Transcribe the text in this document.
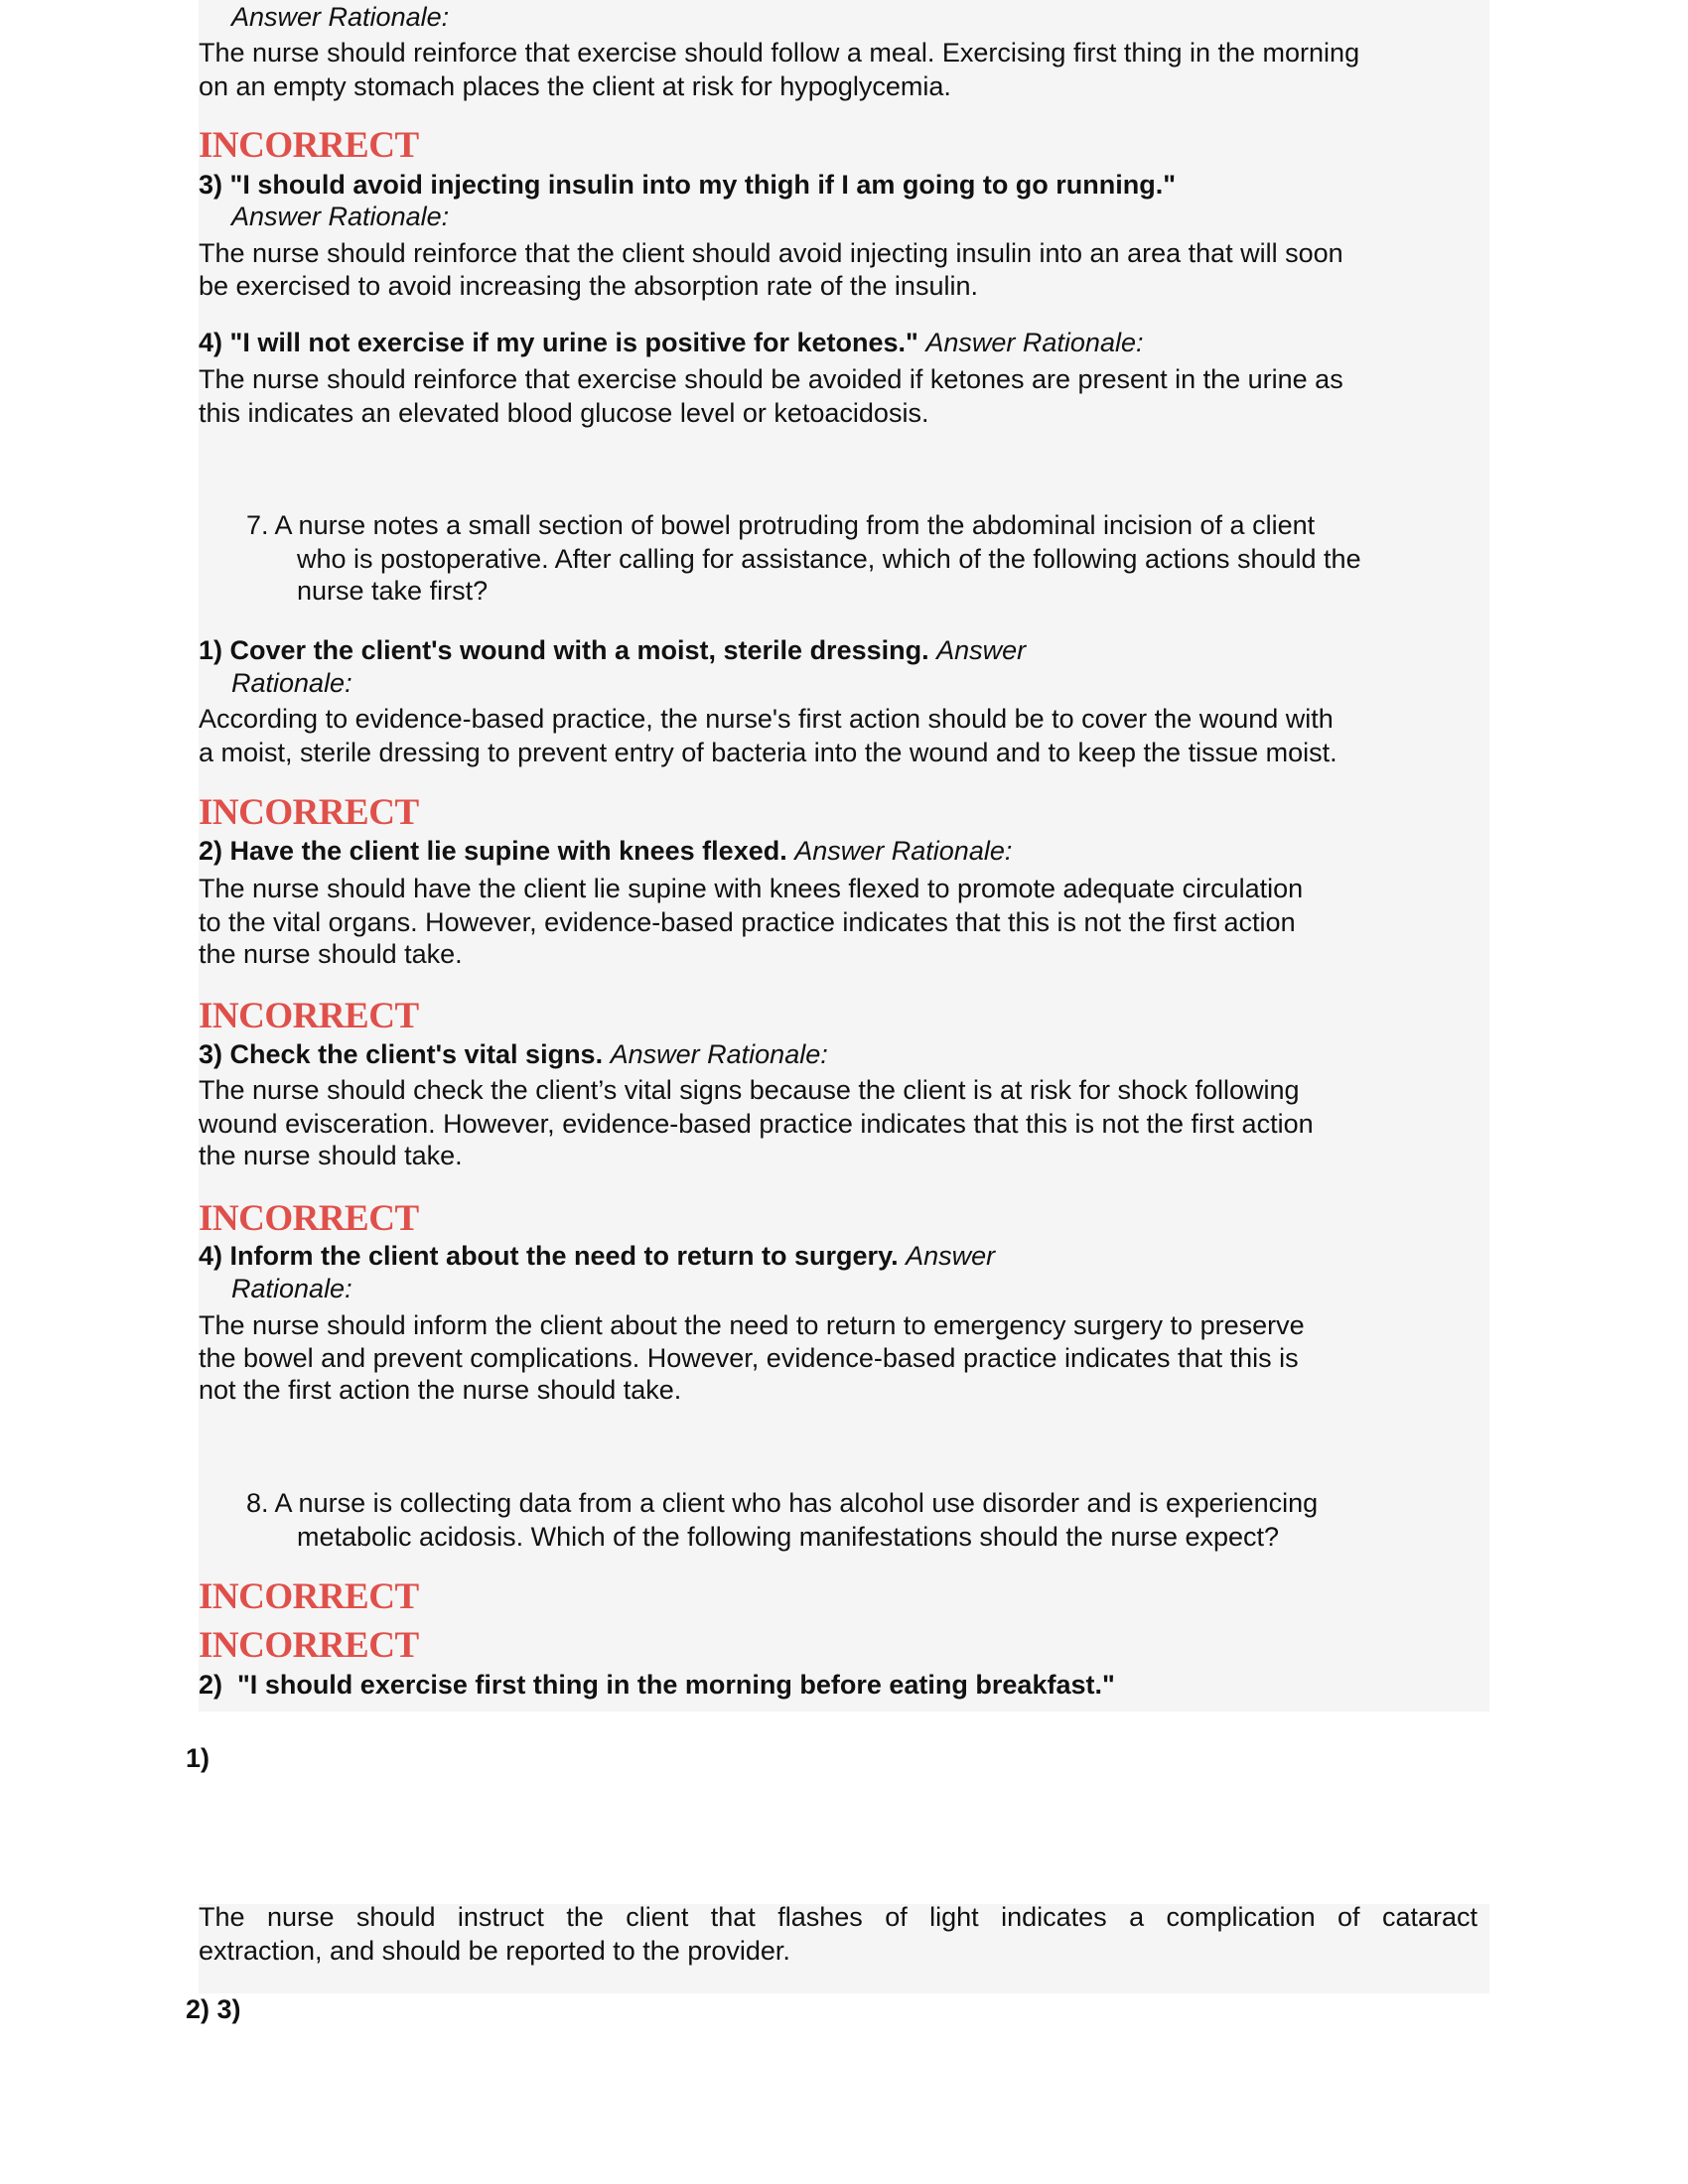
Answer Rationale:
The nurse should reinforce that exercise should follow a meal. Exercising first thing in the morning
on an empty stomach places the client at risk for hypoglycemia.
INCORRECT
3) "I should avoid injecting insulin into my thigh if I am going to go running."
Answer Rationale:
The nurse should reinforce that the client should avoid injecting insulin into an area that will soon
be exercised to avoid increasing the absorption rate of the insulin.
4) "I will not exercise if my urine is positive for ketones." Answer Rationale:
The nurse should reinforce that exercise should be avoided if ketones are present in the urine as
this indicates an elevated blood glucose level or ketoacidosis.
7. A nurse notes a small section of bowel protruding from the abdominal incision of a client
who is postoperative. After calling for assistance, which of the following actions should the
nurse take first?
1) Cover the client's wound with a moist, sterile dressing. Answer
Rationale:
According to evidence-based practice, the nurse's first action should be to cover the wound with
a moist, sterile dressing to prevent entry of bacteria into the wound and to keep the tissue moist.
INCORRECT
2) Have the client lie supine with knees flexed. Answer Rationale:
The nurse should have the client lie supine with knees flexed to promote adequate circulation
to the vital organs. However, evidence-based practice indicates that this is not the first action
the nurse should take.
INCORRECT
3) Check the client's vital signs. Answer Rationale:
The nurse should check the client’s vital signs because the client is at risk for shock following
wound evisceration. However, evidence-based practice indicates that this is not the first action
the nurse should take.
INCORRECT
4) Inform the client about the need to return to surgery. Answer
Rationale:
The nurse should inform the client about the need to return to emergency surgery to preserve
the bowel and prevent complications. However, evidence-based practice indicates that this is
not the first action the nurse should take.
8. A nurse is collecting data from a client who has alcohol use disorder and is experiencing
metabolic acidosis. Which of the following manifestations should the nurse expect?
INCORRECT
INCORRECT
2)  "I should exercise first thing in the morning before eating breakfast."
1)
The nurse should instruct the client that flashes of light indicates a complication of cataract
extraction, and should be reported to the provider.
2) 3)
